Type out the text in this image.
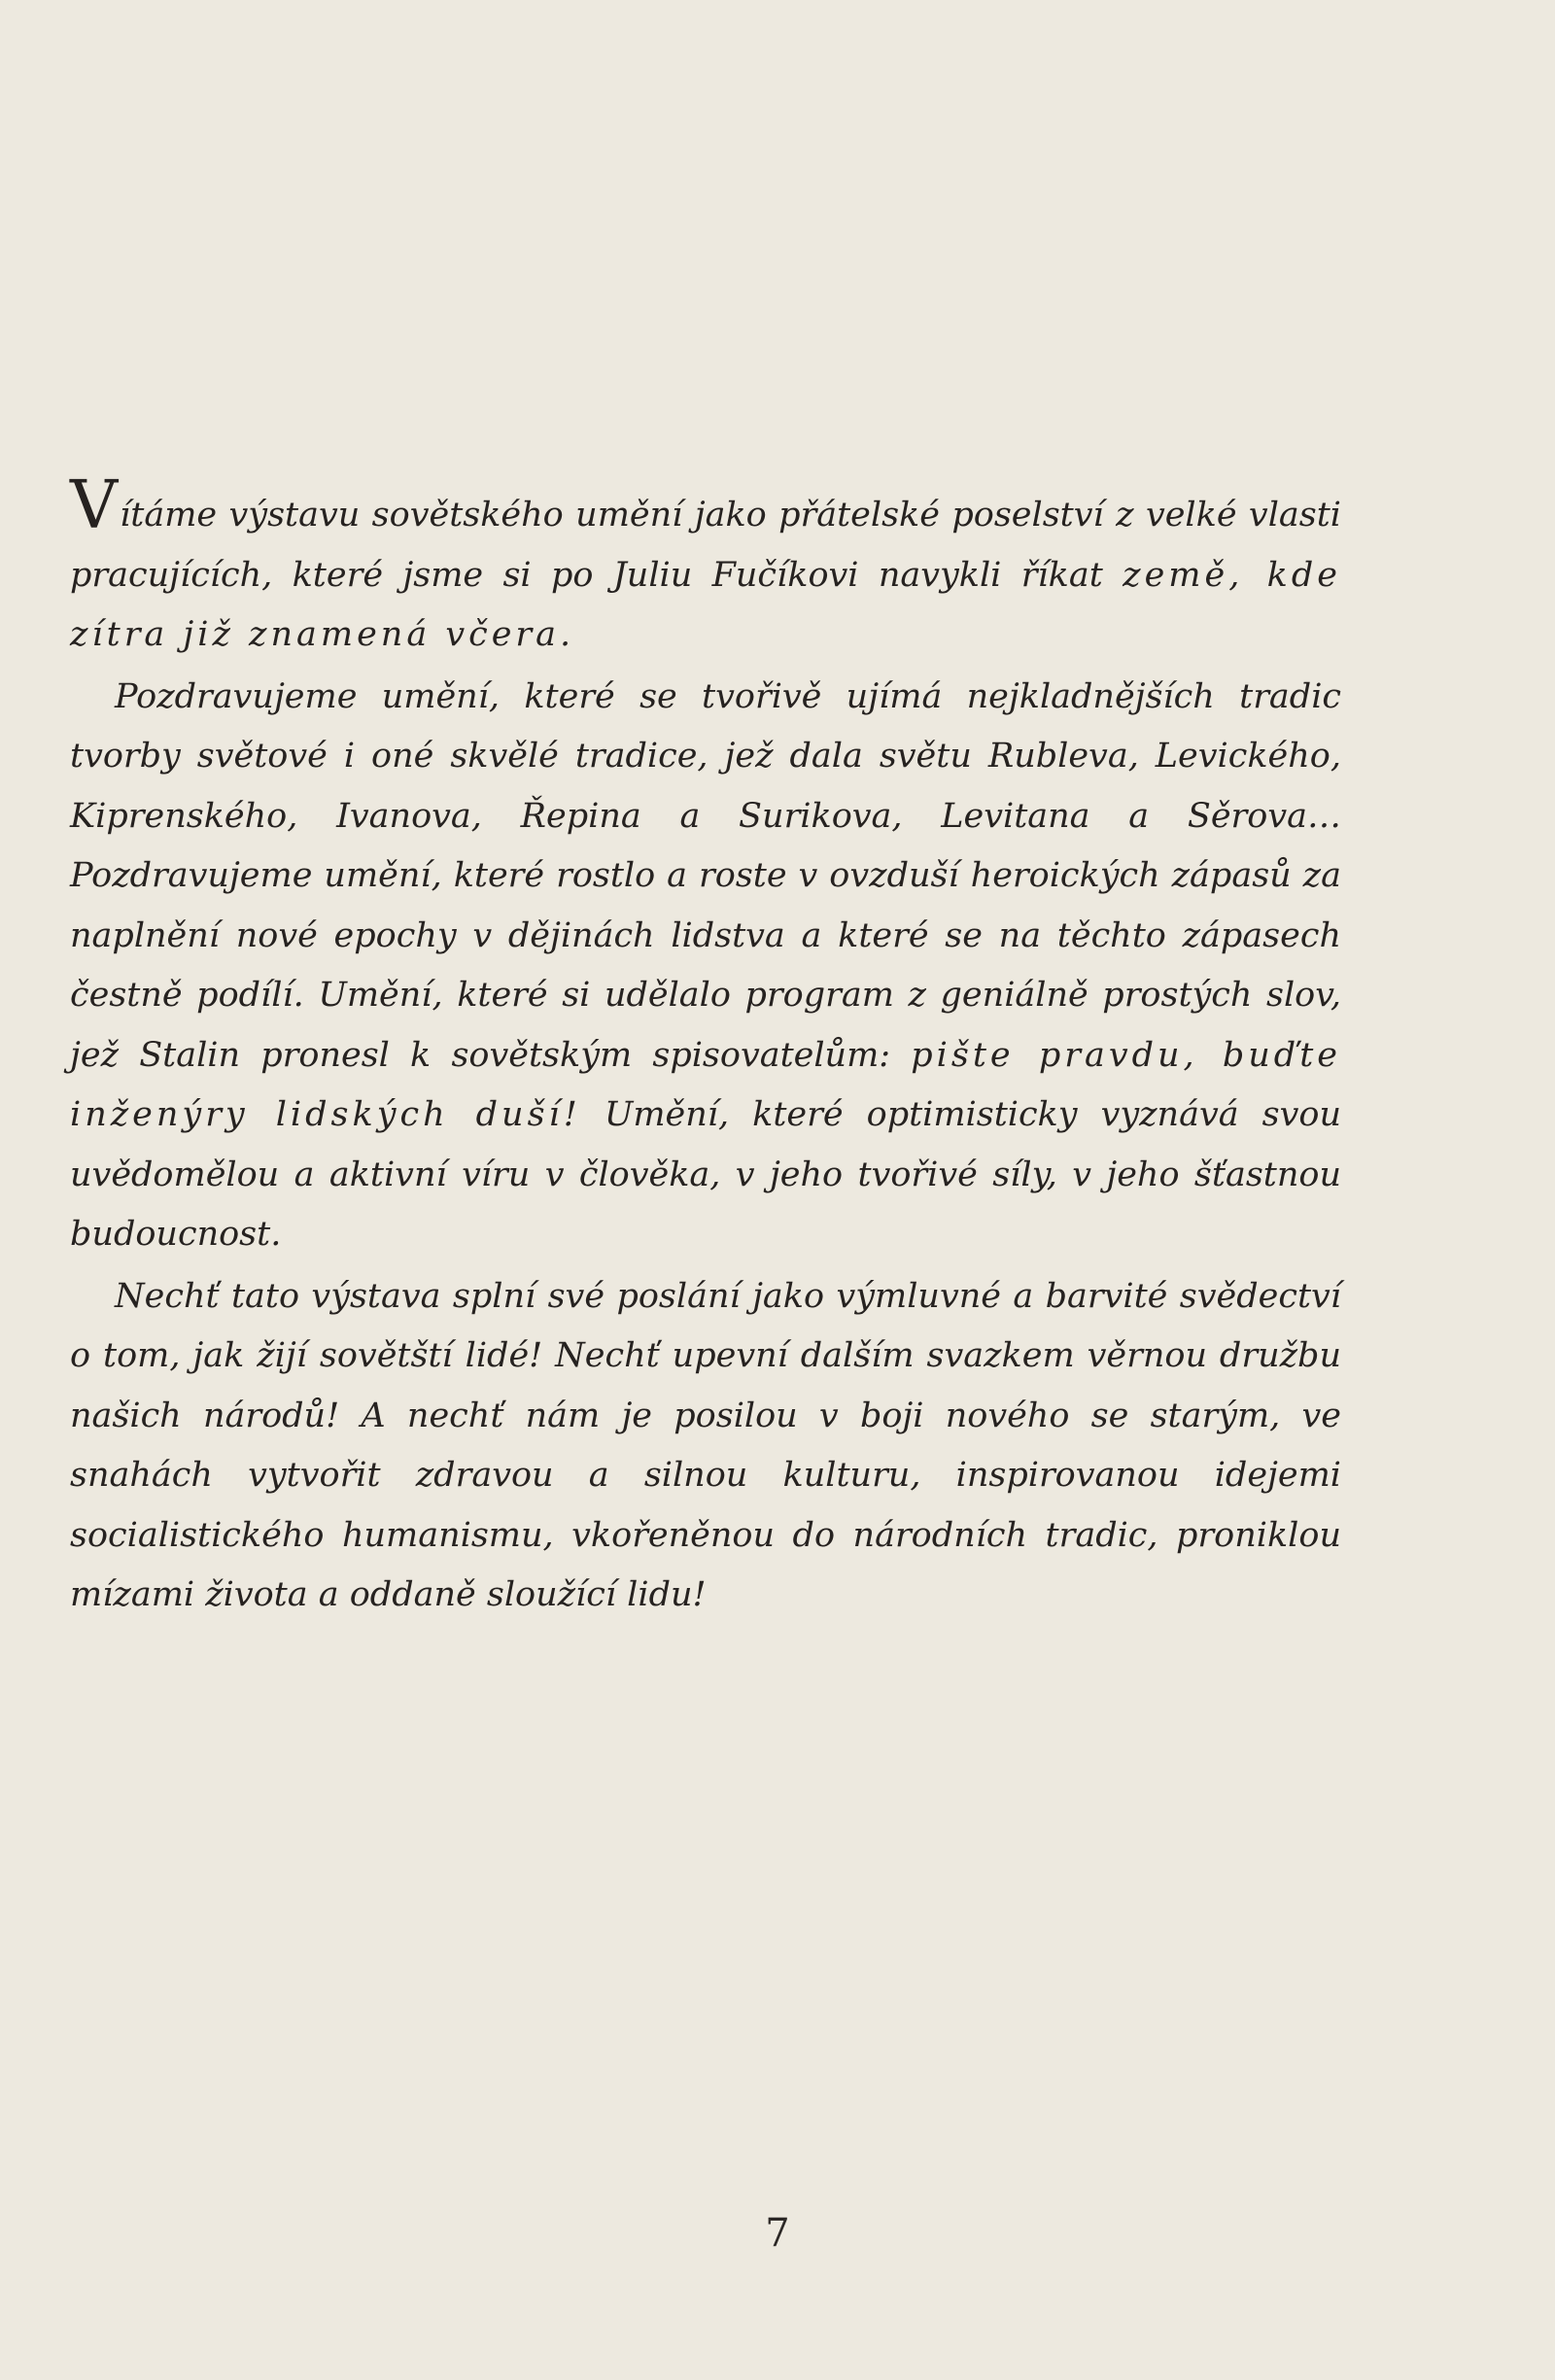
Vítáme výstavu sovětského umění jako přátelské poselství z velké vlasti pracujících, které jsme si po Juliu Fučíkovi navykli říkat země, kde zítra již znamená včera.

Pozdravujeme umění, které se tvořivě ujímá nejkladnějších tradic tvorby světové i oné skvělé tradice, jež dala světu Rubleva, Levického, Kiprenského, Ivanova, Řepina a Surikova, Levitana a Sěrova… Pozdravujeme umění, které rostlo a roste v ovzduší heroických zápasů za naplnění nové epochy v dějinách lidstva a které se na těchto zápasech čestně podílí. Umění, které si udělalo program z geniálně prostých slov, jež Stalin pronesl k sovětským spisovatelům: pište pravdu, buďte inženýry lidských duší! Umění, které optimisticky vyznává svou uvědomělou a aktivní víru v člověka, v jeho tvořivé síly, v jeho šťastnou budoucnost.

Nechť tato výstava splní své poslání jako výmluvné a barvité svědectví o tom, jak žijí sovětští lidé! Nechť upevní dalším svazkem věrnou družbu našich národů! A nechť nám je posilou v boji nového se starým, ve snahách vytvořit zdravou a silnou kulturu, inspirovanou idejemi socialistického humanismu, vkořeněnou do národních tradic, proniklou mízami života a oddaně sloužící lidu!

7
